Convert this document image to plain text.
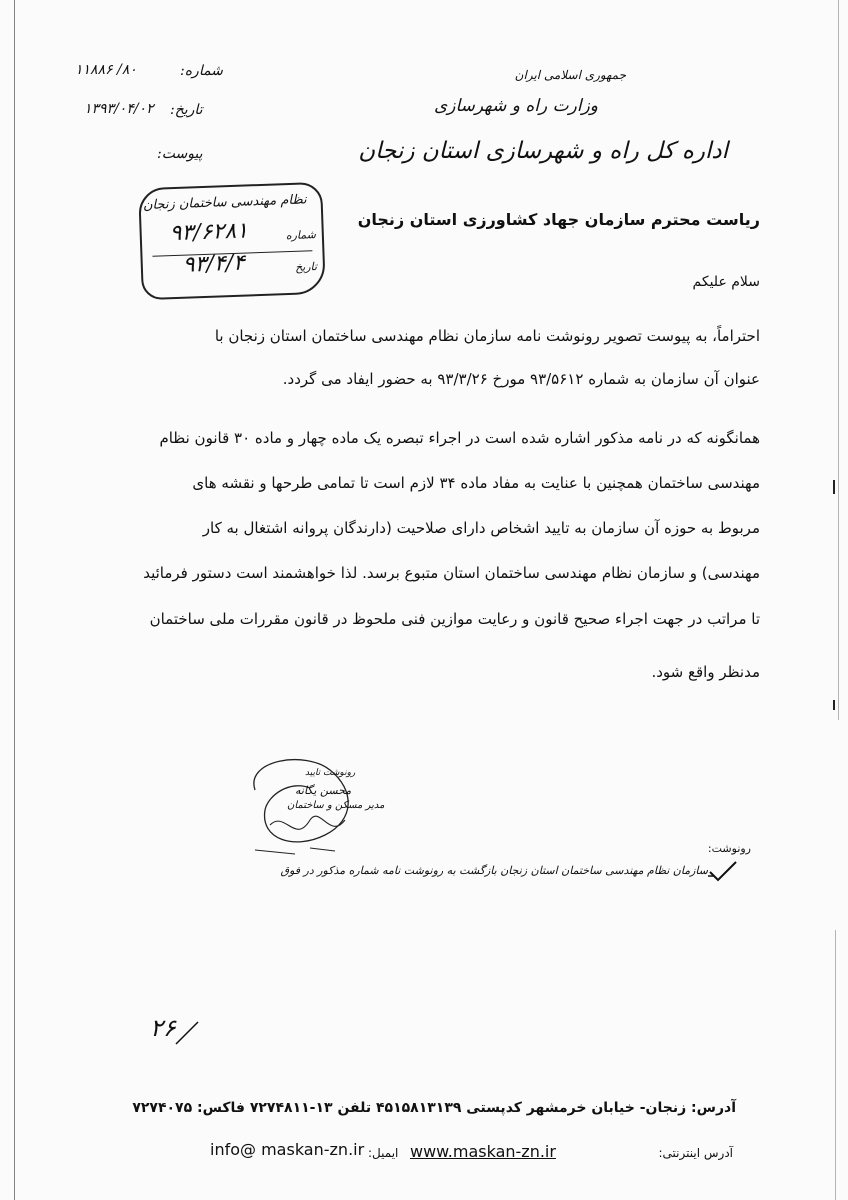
جمهوری اسلامی ایران
وزارت راه و شهرسازی
اداره کل راه و شهرسازی استان زنجان
شماره:
۱۱۸۸۶ /۸۰
تاریخ:
۱۳۹۳/۰۴/۰۲
پیوست:
نظام مهندسی ساختمان زنجان
شماره
۹۳/۶۲۸۱
تاریخ
۹۳/۴/۴
ریاست محترم سازمان جهاد کشاورزی استان زنجان
سلام علیکم
احتراماً، به پیوست تصویر رونوشت نامه سازمان نظام مهندسی ساختمان استان زنجان با
عنوان آن سازمان به شماره ۹۳/۵۶۱۲ مورخ ۹۳/۳/۲۶ به حضور ایفاد می گردد.
همانگونه که در نامه مذکور اشاره شده است در اجراء تبصره یک ماده چهار و ماده ۳۰ قانون نظام
مهندسی ساختمان همچنین با عنایت به مفاد ماده ۳۴ لازم است تا تمامی طرحها و نقشه های
مربوط به حوزه آن سازمان به تایید اشخاص دارای صلاحیت (دارندگان پروانه اشتغال به کار
مهندسی) و سازمان نظام مهندسی ساختمان استان متبوع برسد. لذا خواهشمند است دستور فرمائید
تا مراتب در جهت اجراء صحیح قانون و رعایت موازین فنی ملحوظ در قانون مقررات ملی ساختمان
مدنظر واقع شود.
رونوشت تایید
محسن یگانه
مدیر مسکن و ساختمان
رونوشت:
سازمان نظام مهندسی ساختمان استان زنجان بازگشت به رونوشت نامه شماره مذکور در فوق
۲۶
آدرس: زنجان- خیابان خرمشهر کدپستی ۴۵۱۵۸۱۳۱۳۹ تلفن ۱۳-۷۲۷۴۸۱۱ فاکس: ۷۲۷۴۰۷۵
آدرس اینترنتی:
www.maskan-zn.ir
ایمیل:
info@ maskan-zn.ir
